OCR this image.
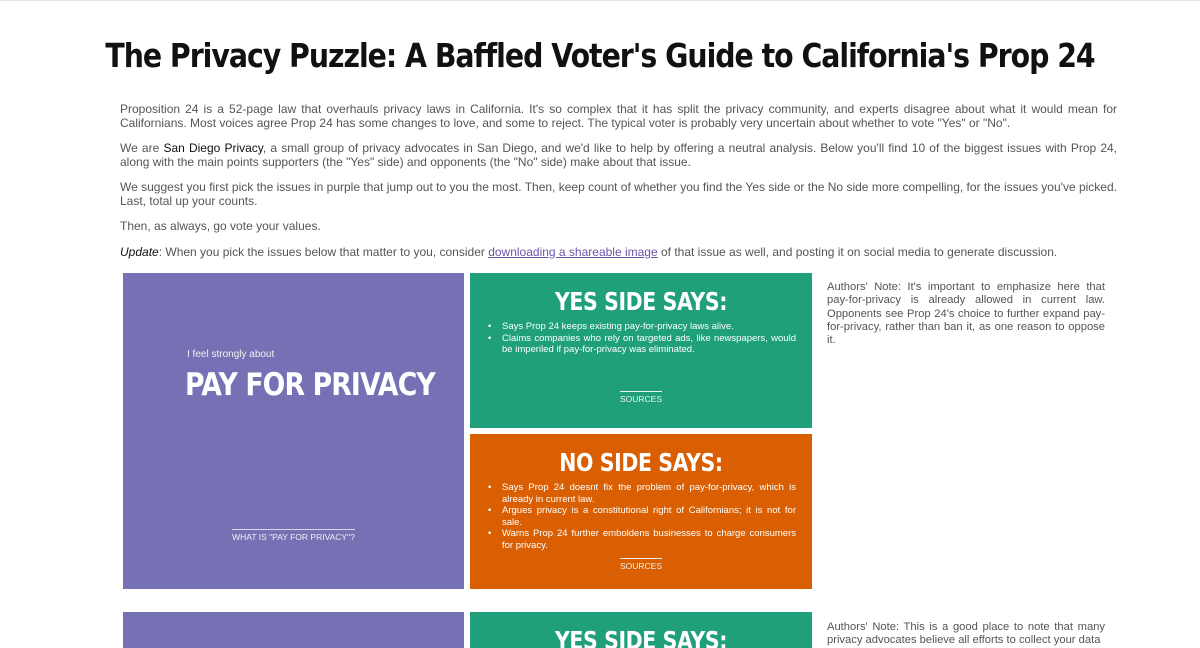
The Privacy Puzzle: A Baffled Voter's Guide to California's Prop 24

Proposition 24 is a 52-page law that overhauls privacy laws in California. It's so complex that it has split the privacy community, and experts disagree about what it would mean for Californians. Most voices agree Prop 24 has some changes to love, and some to reject. The typical voter is probably very uncertain about whether to vote "Yes" or "No".

We are San Diego Privacy, a small group of privacy advocates in San Diego, and we'd like to help by offering a neutral analysis. Below you'll find 10 of the biggest issues with Prop 24, along with the main points supporters (the "Yes" side) and opponents (the "No" side) make about that issue.

We suggest you first pick the issues in purple that jump out to you the most. Then, keep count of whether you find the Yes side or the No side more compelling, for the issues you've picked. Last, total up your counts.

Then, as always, go vote your values.

Update: When you pick the issues below that matter to you, consider downloading a shareable image of that issue as well, and posting it on social media to generate discussion.

I feel strongly about
PAY FOR PRIVACY
WHAT IS "PAY FOR PRIVACY"?
YES SIDE SAYS:
• Says Prop 24 keeps existing pay-for-privacy laws alive.
• Claims companies who rely on targeted ads, like newspapers, would be imperiled if pay-for-privacy was eliminated.
SOURCES
NO SIDE SAYS:
• Says Prop 24 doesnt fix the problem of pay-for-privacy, which is already in current law.
• Argues privacy is a constitutional right of Californians; it is not for sale.
• Warns Prop 24 further emboldens businesses to charge consumers for privacy.
SOURCES
Authors' Note: It's important to emphasize here that pay-for-privacy is already allowed in current law. Opponents see Prop 24's choice to further expand pay-for-privacy, rather than ban it, as one reason to oppose it.
YES SIDE SAYS:	Authors' Note: This is a good place to note that many privacy advocates believe all efforts to collect your data
